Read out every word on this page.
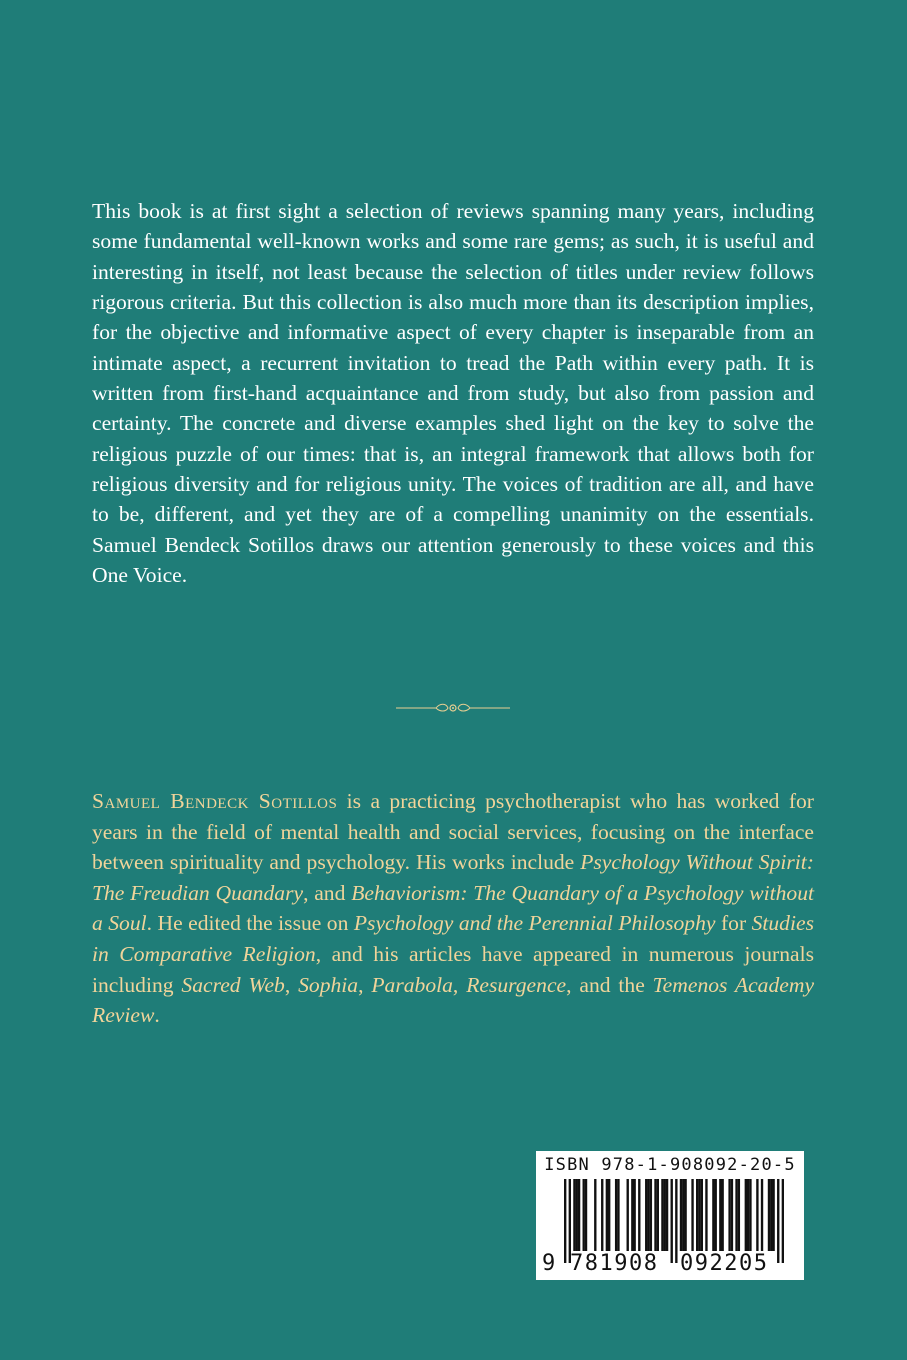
This book is at first sight a selection of reviews spanning many years, including some fundamental well-known works and some rare gems; as such, it is useful and interesting in itself, not least because the selection of titles under review follows rigorous criteria. But this collection is also much more than its description implies, for the objective and informative aspect of every chapter is inseparable from an intimate aspect, a recurrent invitation to tread the Path within every path. It is written from first-hand acquaintance and from study, but also from passion and certainty. The concrete and diverse examples shed light on the key to solve the religious puzzle of our times: that is, an integral framework that allows both for religious diversity and for religious unity. The voices of tradition are all, and have to be, different, and yet they are of a compelling unanimity on the essentials. Samuel Bendeck Sotillos draws our attention generously to these voices and this One Voice.

Samuel Bendeck Sotillos is a practicing psychotherapist who has worked for years in the field of mental health and social services, focusing on the interface between spirituality and psychology. His works include Psychology Without Spirit: The Freudian Quandary, and Behaviorism: The Quandary of a Psychology without a Soul. He edited the issue on Psychology and the Perennial Philosophy for Studies in Comparative Religion, and his articles have appeared in numerous journals including Sacred Web, Sophia, Parabola, Resurgence, and the Temenos Academy Review.

ISBN 978-1-908092-20-5
9 781908 092205
